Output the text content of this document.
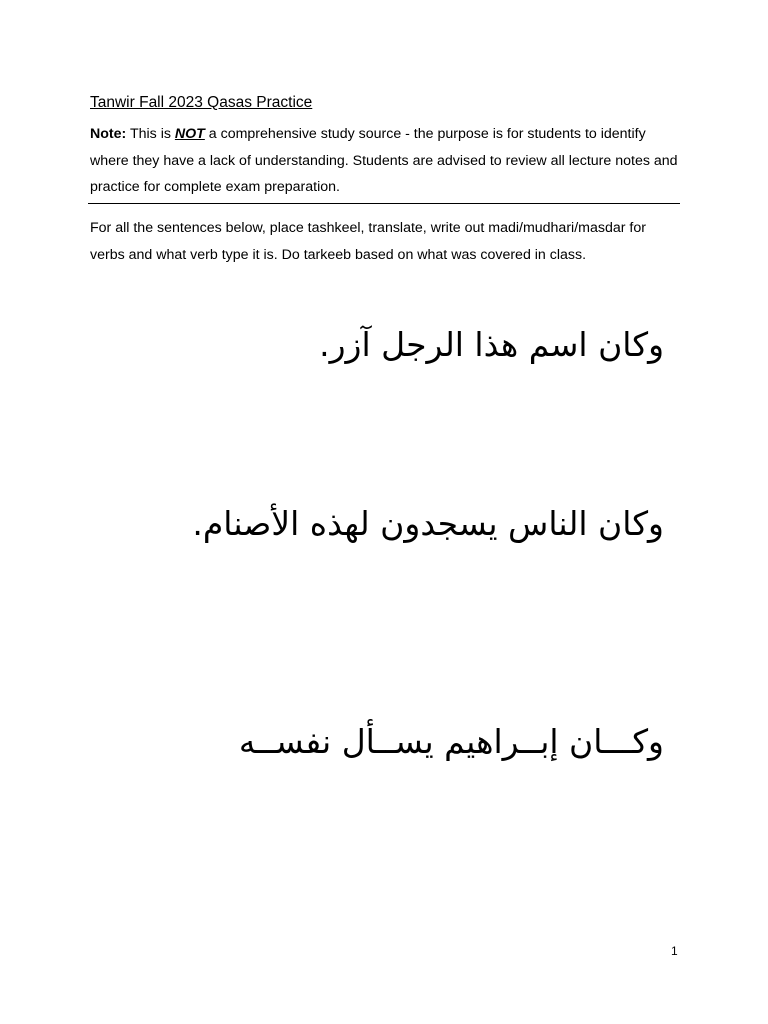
Tanwir Fall 2023 Qasas Practice
Note: This is NOT a comprehensive study source - the purpose is for students to identify where they have a lack of understanding. Students are advised to review all lecture notes and practice for complete exam preparation.
For all the sentences below, place tashkeel, translate, write out madi/mudhari/masdar for verbs and what verb type it is. Do tarkeeb based on what was covered in class.
وكان اسم هذا الرجل آزر.
وكان الناس يسجدون لهذه الأصنام.
وكـــان إبــراهيم يســأل نفســه
1
